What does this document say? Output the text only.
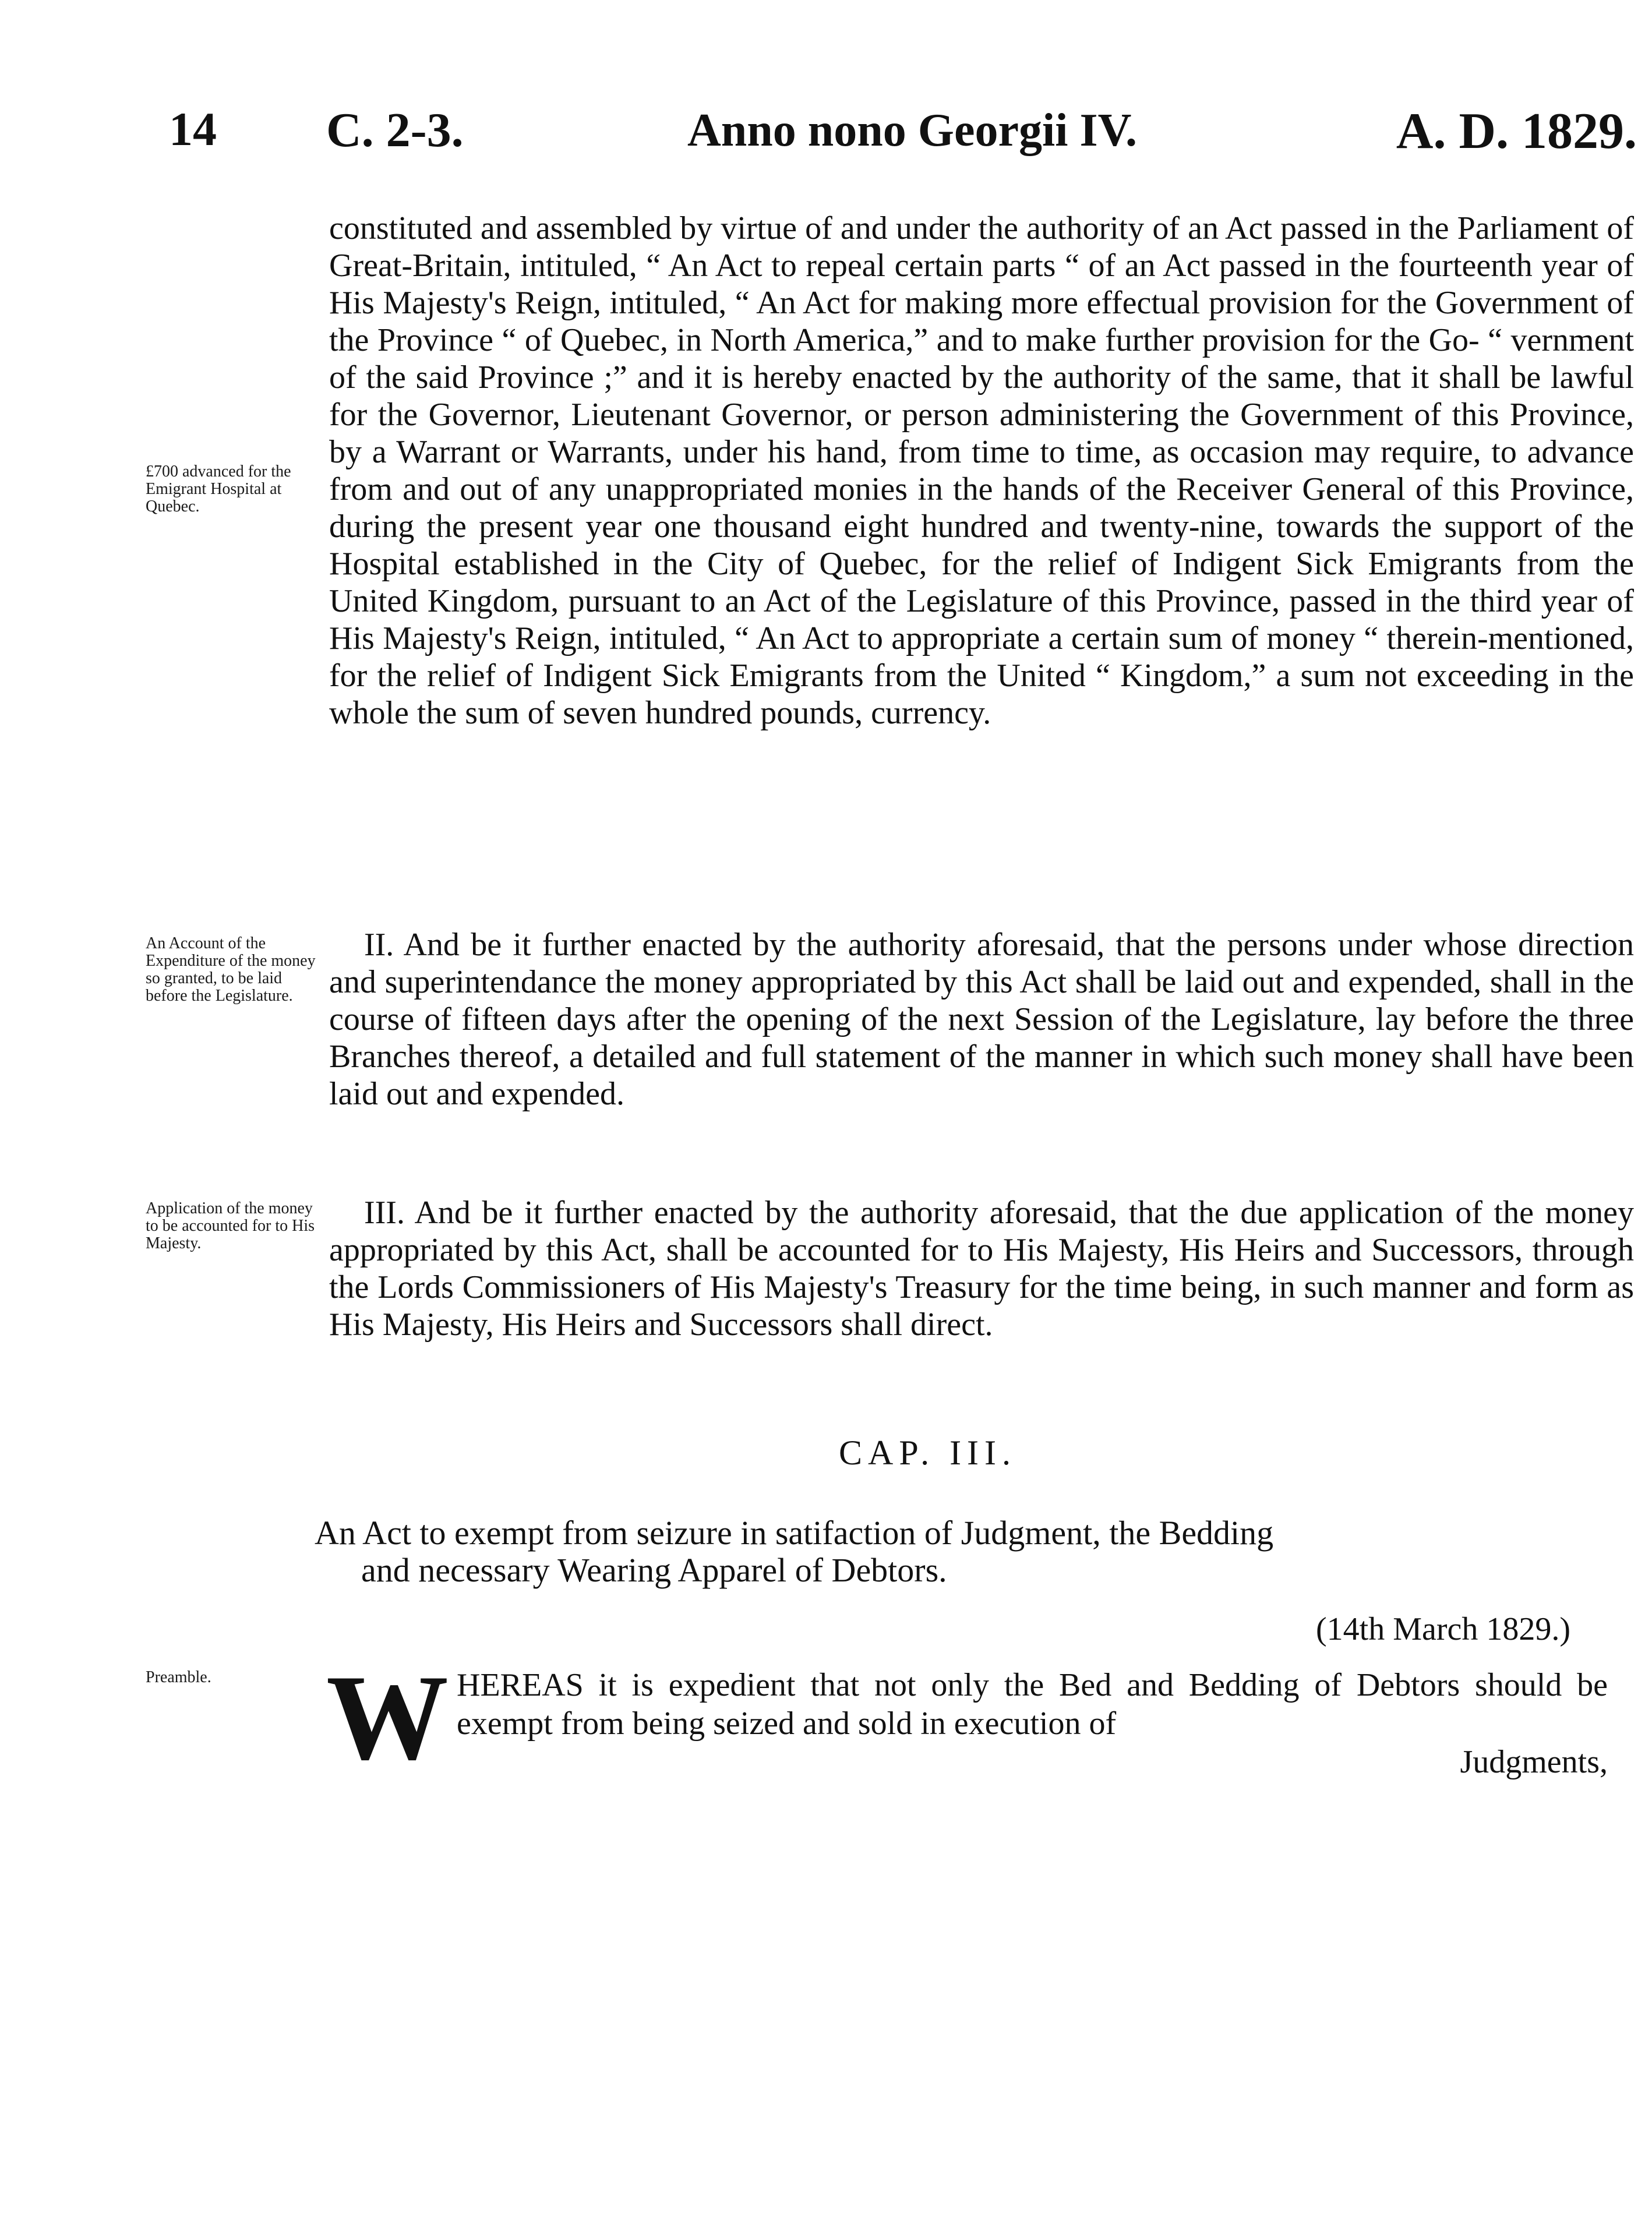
14 C. 2-3.	Anno nono Georgii IV.	A. D. 1829.
£700 advanced for the Emigrant Hospital at Quebec.

constituted and assembled by virtue of and under the authority of an Act passed in the Parliament of Great-Britain, intituled, “ An Act to repeal certain parts “ of an Act passed in the fourteenth year of His Majesty's Reign, intituled, “ An Act for making more effectual provision for the Government of the Province “ of Quebec, in North America,” and to make further provision for the Go- “ vernment of the said Province ;” and it is hereby enacted by the authority of the same, that it shall be lawful for the Governor, Lieutenant Governor, or person administering the Government of this Province, by a Warrant or Warrants, under his hand, from time to time, as occasion may require, to advance from and out of any unappropriated monies in the hands of the Receiver General of this Province, during the present year one thousand eight hundred and twenty-nine, towards the support of the Hospital established in the City of Quebec, for the relief of Indigent Sick Emigrants from the United Kingdom, pursuant to an Act of the Legislature of this Province, passed in the third year of His Majesty's Reign, intituled, “ An Act to appropriate a certain sum of money “ therein-mentioned, for the relief of Indigent Sick Emigrants from the United “ Kingdom,” a sum not exceeding in the whole the sum of seven hundred pounds, currency.

An Account of the Expenditure of the money so granted, to be laid before the Legislature.

II. And be it further enacted by the authority aforesaid, that the persons under whose direction and superintendance the money appropriated by this Act shall be laid out and expended, shall in the course of fifteen days after the opening of the next Session of the Legislature, lay before the three Branches thereof, a detailed and full statement of the manner in which such money shall have been laid out and expended.

Application of the money to be accounted for to His Majesty.

III. And be it further enacted by the authority aforesaid, that the due application of the money appropriated by this Act, shall be accounted for to His Majesty, His Heirs and Successors, through the Lords Commissioners of His Majesty's Treasury for the time being, in such manner and form as His Majesty, His Heirs and Successors shall direct.

CAP. III.
An Act to exempt from seizure in satifaction of Judgment, the Bedding
and necessary Wearing Apparel of Debtors.
(14th March 1829.)
Preamble. W HEREAS it is expedient that not only the Bed and Bedding of Debtors should be exempt from being seized and sold in execution of
Judgments,
